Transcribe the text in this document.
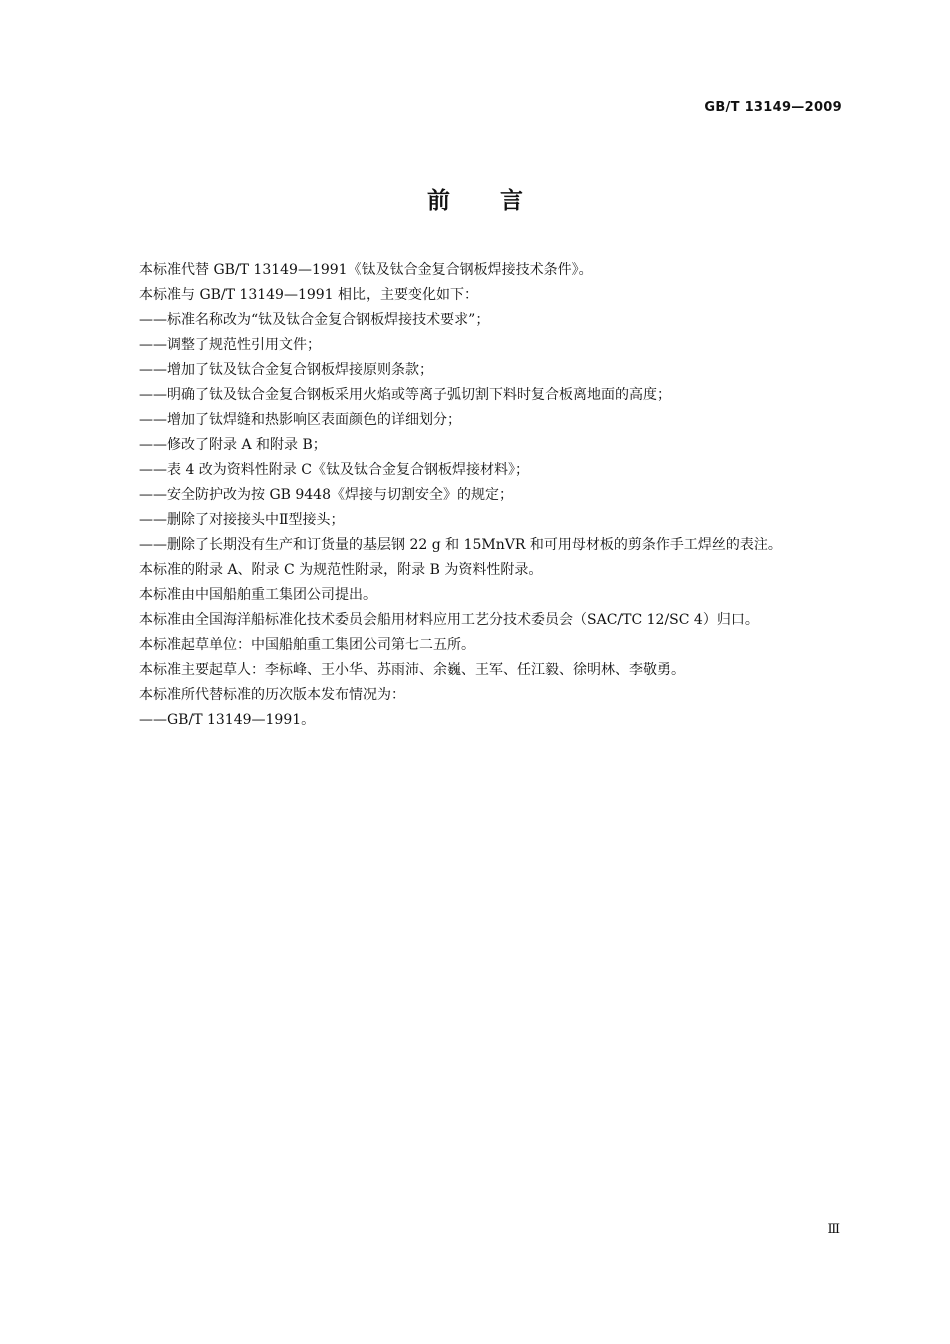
GB/T 13149—2009
前言

本标准代替 GB/T 13149—1991《钛及钛合金复合钢板焊接技术条件》。

本标准与 GB/T 13149—1991 相比，主要变化如下：

——标准名称改为“钛及钛合金复合钢板焊接技术要求”；

——调整了规范性引用文件；

——增加了钛及钛合金复合钢板焊接原则条款；

——明确了钛及钛合金复合钢板采用火焰或等离子弧切割下料时复合板离地面的高度；

——增加了钛焊缝和热影响区表面颜色的详细划分；

——修改了附录 A 和附录 B；

——表 4 改为资料性附录 C《钛及钛合金复合钢板焊接材料》；

——安全防护改为按 GB 9448《焊接与切割安全》的规定；

——删除了对接接头中Ⅱ型接头；

——删除了长期没有生产和订货量的基层钢 22 g 和 15MnVR 和可用母材板的剪条作手工焊丝的表注。

本标准的附录 A、附录 C 为规范性附录，附录 B 为资料性附录。

本标准由中国船舶重工集团公司提出。

本标准由全国海洋船标准化技术委员会船用材料应用工艺分技术委员会（SAC/TC 12/SC 4）归口。

本标准起草单位：中国船舶重工集团公司第七二五所。

本标准主要起草人：李标峰、王小华、苏雨沛、余巍、王军、任江毅、徐明林、李敬勇。

本标准所代替标准的历次版本发布情况为：

——GB/T 13149—1991。

Ⅲ
